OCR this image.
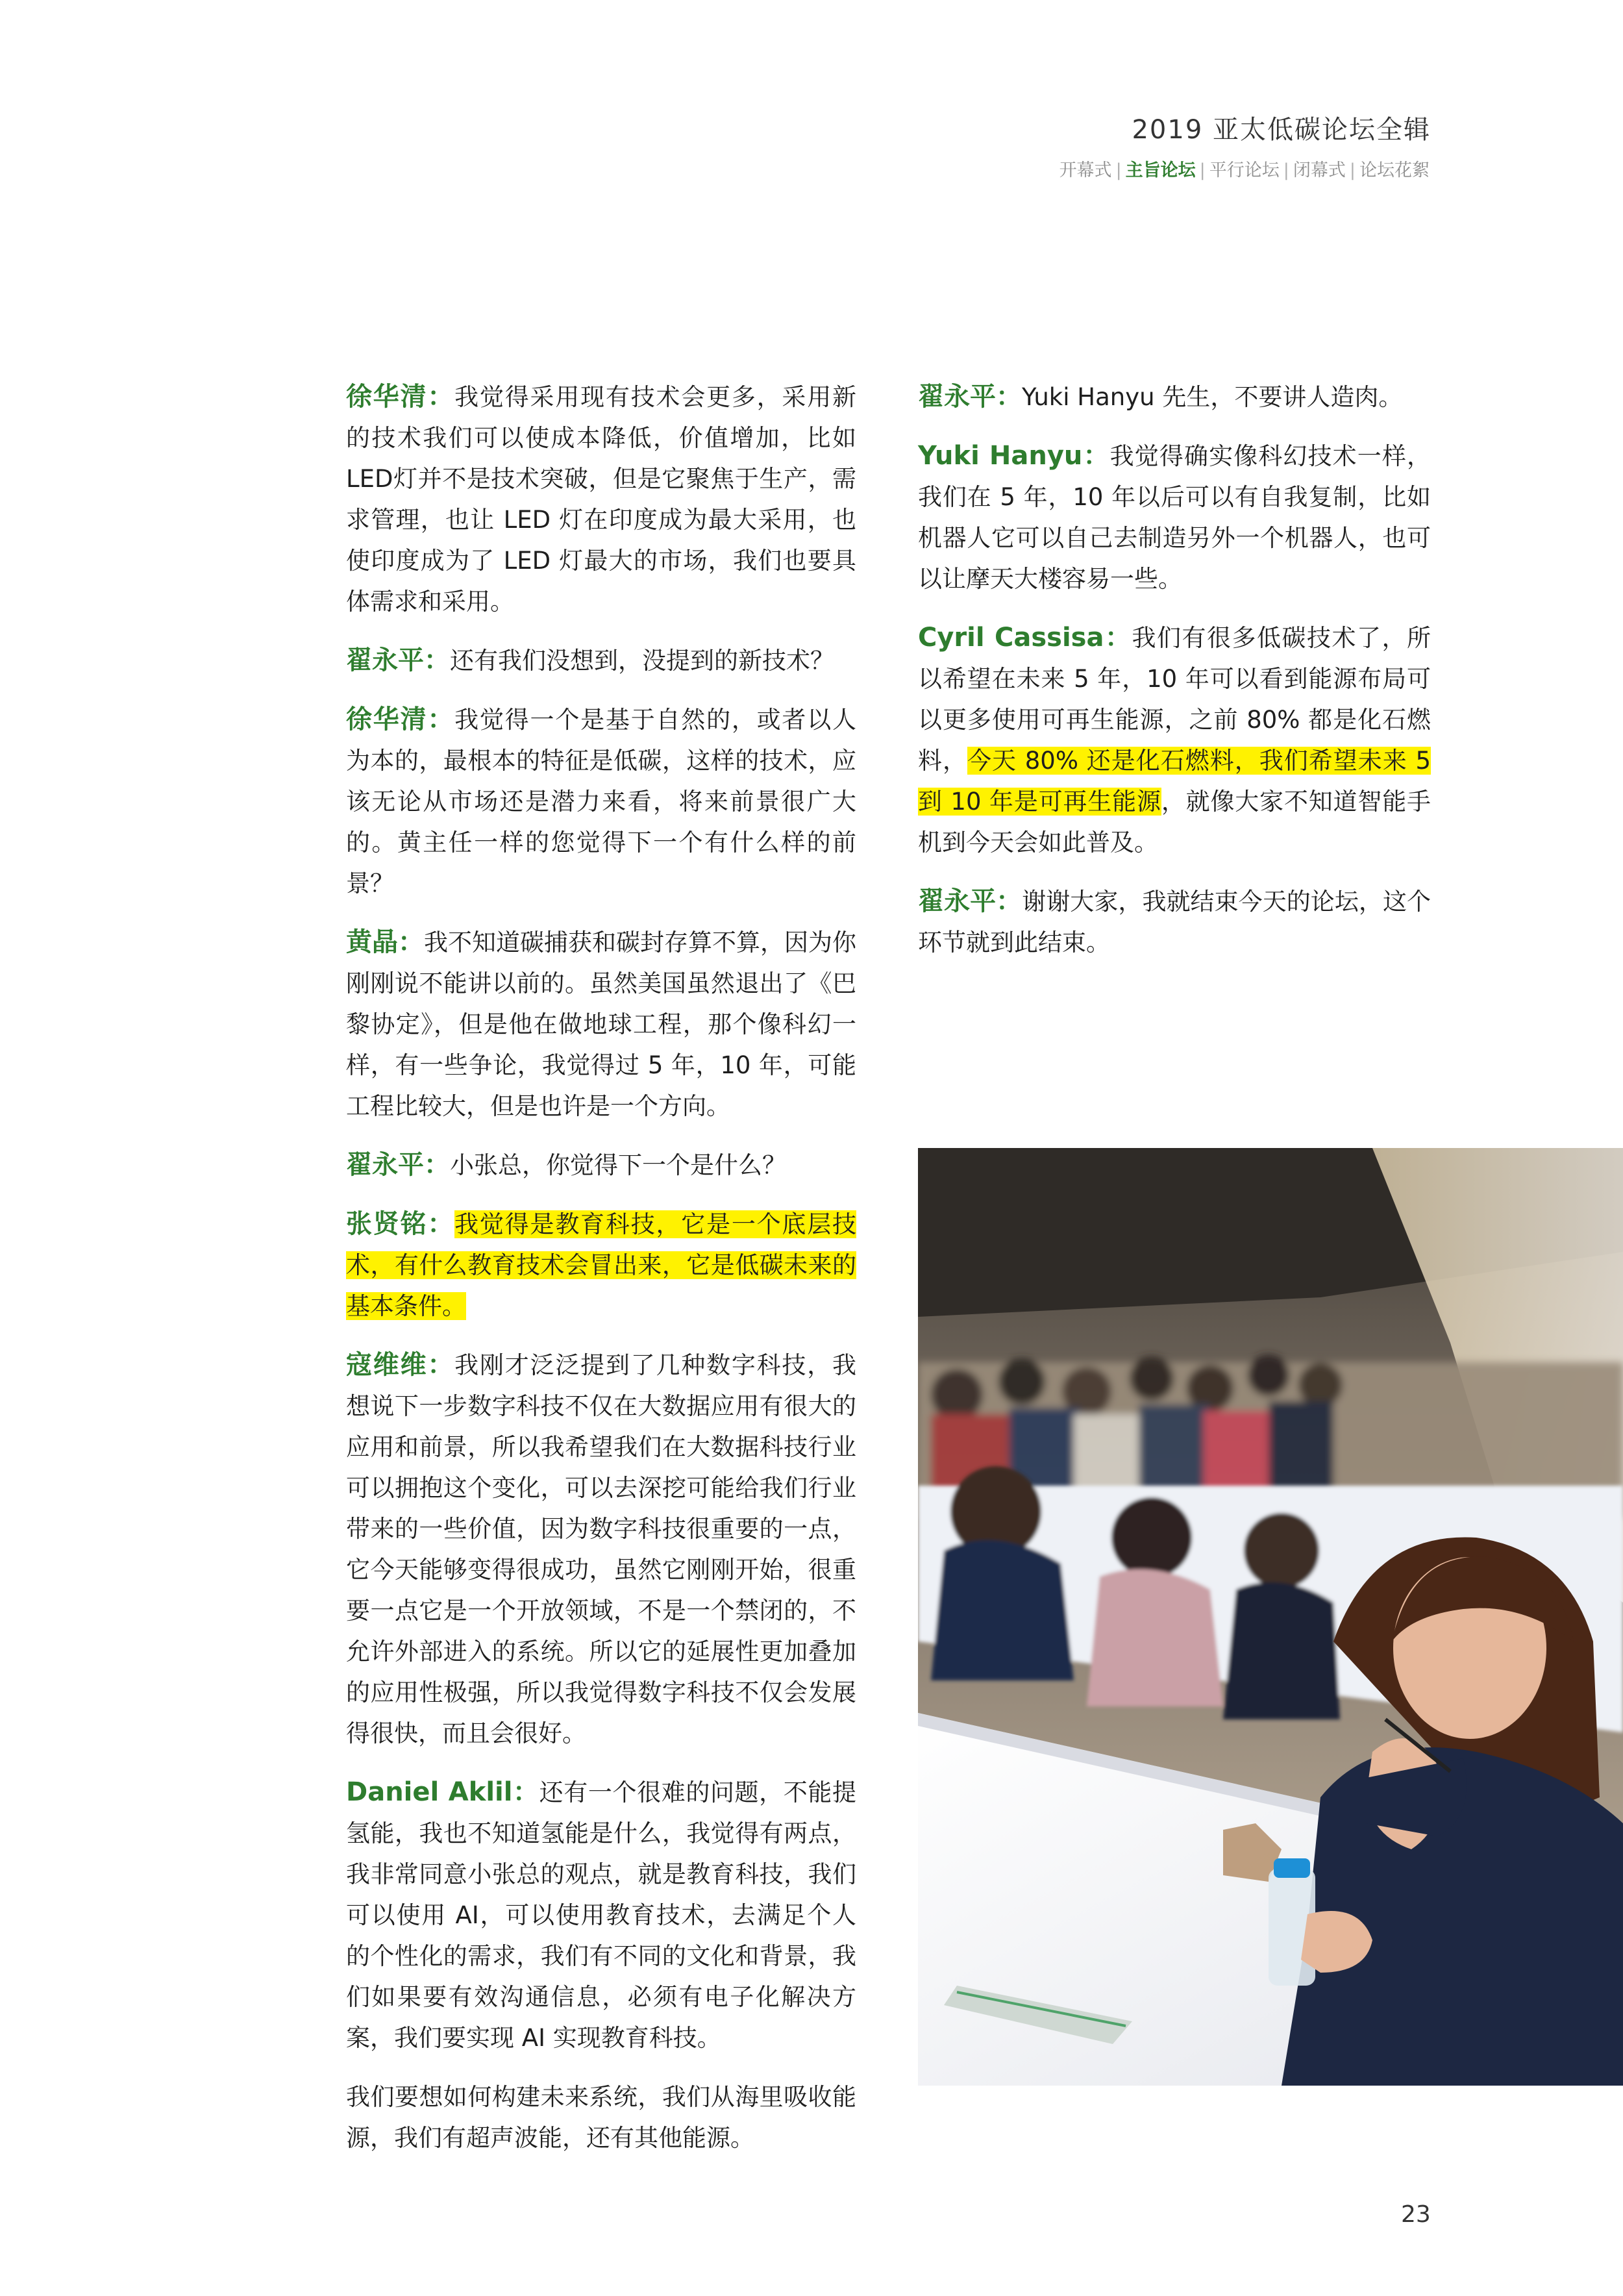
2019 亚太低碳论坛全辑
开幕式 | 主旨论坛 | 平行论坛 | 闭幕式 | 论坛花絮

徐华清：我觉得采用现有技术会更多，采用新的技术我们可以使成本降低，价值增加，比如LED灯并不是技术突破，但是它聚焦于生产，需求管理，也让 LED 灯在印度成为最大采用，也使印度成为了 LED 灯最大的市场，我们也要具体需求和采用。

翟永平：还有我们没想到，没提到的新技术？

徐华清：我觉得一个是基于自然的，或者以人为本的，最根本的特征是低碳，这样的技术，应该无论从市场还是潜力来看，将来前景很广大的。黄主任一样的您觉得下一个有什么样的前景？

黄晶：我不知道碳捕获和碳封存算不算，因为你刚刚说不能讲以前的。虽然美国虽然退出了《巴黎协定》，但是他在做地球工程，那个像科幻一样，有一些争论，我觉得过 5 年，10 年，可能工程比较大，但是也许是一个方向。

翟永平：小张总，你觉得下一个是什么？

张贤铭：我觉得是教育科技，它是一个底层技术，有什么教育技术会冒出来，它是低碳未来的基本条件。

寇维维：我刚才泛泛提到了几种数字科技，我想说下一步数字科技不仅在大数据应用有很大的应用和前景，所以我希望我们在大数据科技行业可以拥抱这个变化，可以去深挖可能给我们行业带来的一些价值，因为数字科技很重要的一点，它今天能够变得很成功，虽然它刚刚开始，很重要一点它是一个开放领域，不是一个禁闭的，不允许外部进入的系统。所以它的延展性更加叠加的应用性极强，所以我觉得数字科技不仅会发展得很快，而且会很好。

Daniel Aklil：还有一个很难的问题，不能提氢能，我也不知道氢能是什么，我觉得有两点，我非常同意小张总的观点，就是教育科技，我们可以使用 AI，可以使用教育技术，去满足个人的个性化的需求，我们有不同的文化和背景，我们如果要有效沟通信息，必须有电子化解决方案，我们要实现 AI 实现教育科技。

我们要想如何构建未来系统，我们从海里吸收能源，我们有超声波能，还有其他能源。

翟永平：Yuki Hanyu 先生，不要讲人造肉。

Yuki Hanyu：我觉得确实像科幻技术一样，我们在 5 年，10 年以后可以有自我复制，比如机器人它可以自己去制造另外一个机器人，也可以让摩天大楼容易一些。

Cyril Cassisa：我们有很多低碳技术了，所以希望在未来 5 年，10 年可以看到能源布局可以更多使用可再生能源，之前 80% 都是化石燃料，今天 80% 还是化石燃料，我们希望未来 5 到 10 年是可再生能源，就像大家不知道智能手机到今天会如此普及。

翟永平：谢谢大家，我就结束今天的论坛，这个环节就到此结束。

23
